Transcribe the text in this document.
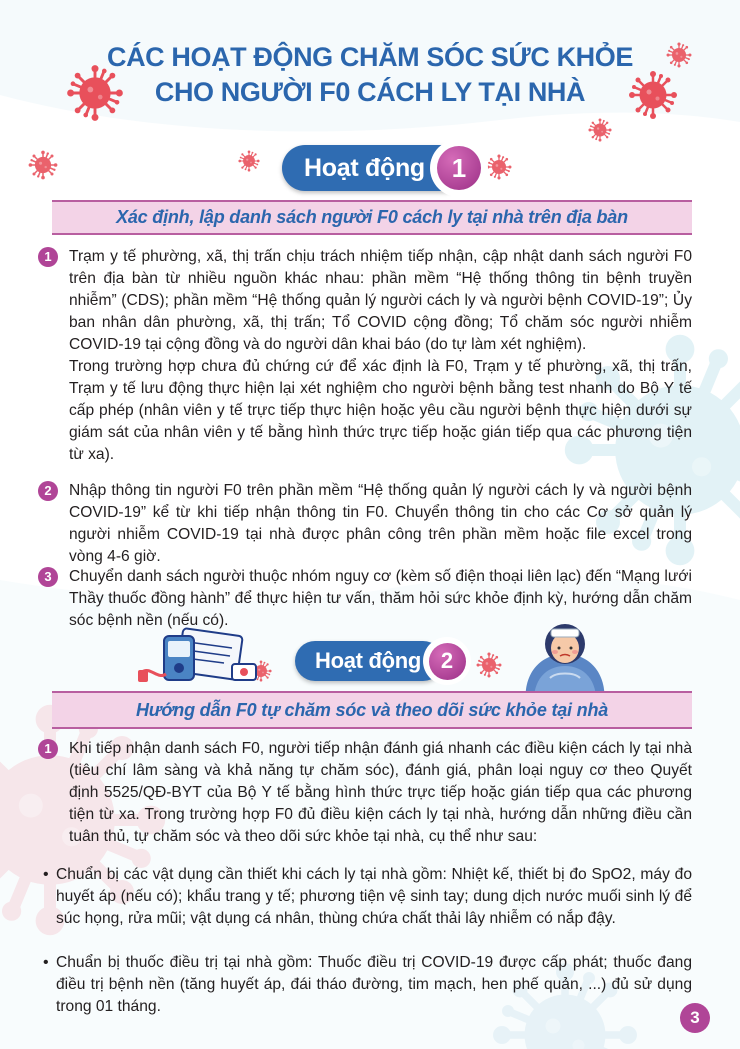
CÁC HOẠT ĐỘNG CHĂM SÓC SỨC KHỎE
CHO NGƯỜI F0 CÁCH LY TẠI NHÀ
Hoạt động	1
Xác định, lập danh sách người F0 cách ly tại nhà trên địa bàn
1	Trạm y tế phường, xã, thị trấn chịu trách nhiệm tiếp nhận, cập nhật danh sách người F0 trên địa bàn từ nhiều nguồn khác nhau: phần mềm “Hệ thống thông tin bệnh truyền nhiễm” (CDS); phần mềm “Hệ thống quản lý người cách ly và người bệnh COVID-19”; Ủy ban nhân dân phường, xã, thị trấn; Tổ COVID cộng đồng; Tổ chăm sóc người nhiễm COVID-19 tại cộng đồng và do người dân khai báo (do tự làm xét nghiệm).

Trong trường hợp chưa đủ chứng cứ để xác định là F0, Trạm y tế phường, xã, thị trấn, Trạm y tế lưu động thực hiện lại xét nghiệm cho người bệnh bằng test nhanh do Bộ Y tế cấp phép (nhân viên y tế trực tiếp thực hiện hoặc yêu cầu người bệnh thực hiện dưới sự giám sát của nhân viên y tế bằng hình thức trực tiếp hoặc gián tiếp qua các phương tiện từ xa).

2	Nhập thông tin người F0 trên phần mềm “Hệ thống quản lý người cách ly và người bệnh COVID-19” kể từ khi tiếp nhận thông tin F0. Chuyển thông tin cho các Cơ sở quản lý người nhiễm COVID-19 tại nhà được phân công trên phần mềm hoặc file excel trong vòng 4-6 giờ.

3	Chuyển danh sách người thuộc nhóm nguy cơ (kèm số điện thoại liên lạc) đến “Mạng lưới Thầy thuốc đồng hành” để thực hiện tư vấn, thăm hỏi sức khỏe định kỳ, hướng dẫn chăm sóc bệnh nền (nếu có).

Hoạt động 2
Hướng dẫn F0 tự chăm sóc và theo dõi sức khỏe tại nhà
1	Khi tiếp nhận danh sách F0, người tiếp nhận đánh giá nhanh các điều kiện cách ly tại nhà (tiêu chí lâm sàng và khả năng tự chăm sóc), đánh giá, phân loại nguy cơ theo Quyết định 5525/QĐ-BYT của Bộ Y tế bằng hình thức trực tiếp hoặc gián tiếp qua các phương tiện từ xa. Trong trường hợp F0 đủ điều kiện cách ly tại nhà, hướng dẫn những điều cần tuân thủ, tự chăm sóc và theo dõi sức khỏe tại nhà, cụ thể như sau:

• Chuẩn bị các vật dụng cần thiết khi cách ly tại nhà gồm: Nhiệt kế, thiết bị đo SpO2, máy đo huyết áp (nếu có); khẩu trang y tế; phương tiện vệ sinh tay; dung dịch nước muối sinh lý để súc họng, rửa mũi; vật dụng cá nhân, thùng chứa chất thải lây nhiễm có nắp đậy.
• Chuẩn bị thuốc điều trị tại nhà gồm: Thuốc điều trị COVID-19 được cấp phát; thuốc đang điều trị bệnh nền (tăng huyết áp, đái tháo đường, tim mạch, hen phế quản, ...) đủ sử dụng trong 01 tháng.
3
